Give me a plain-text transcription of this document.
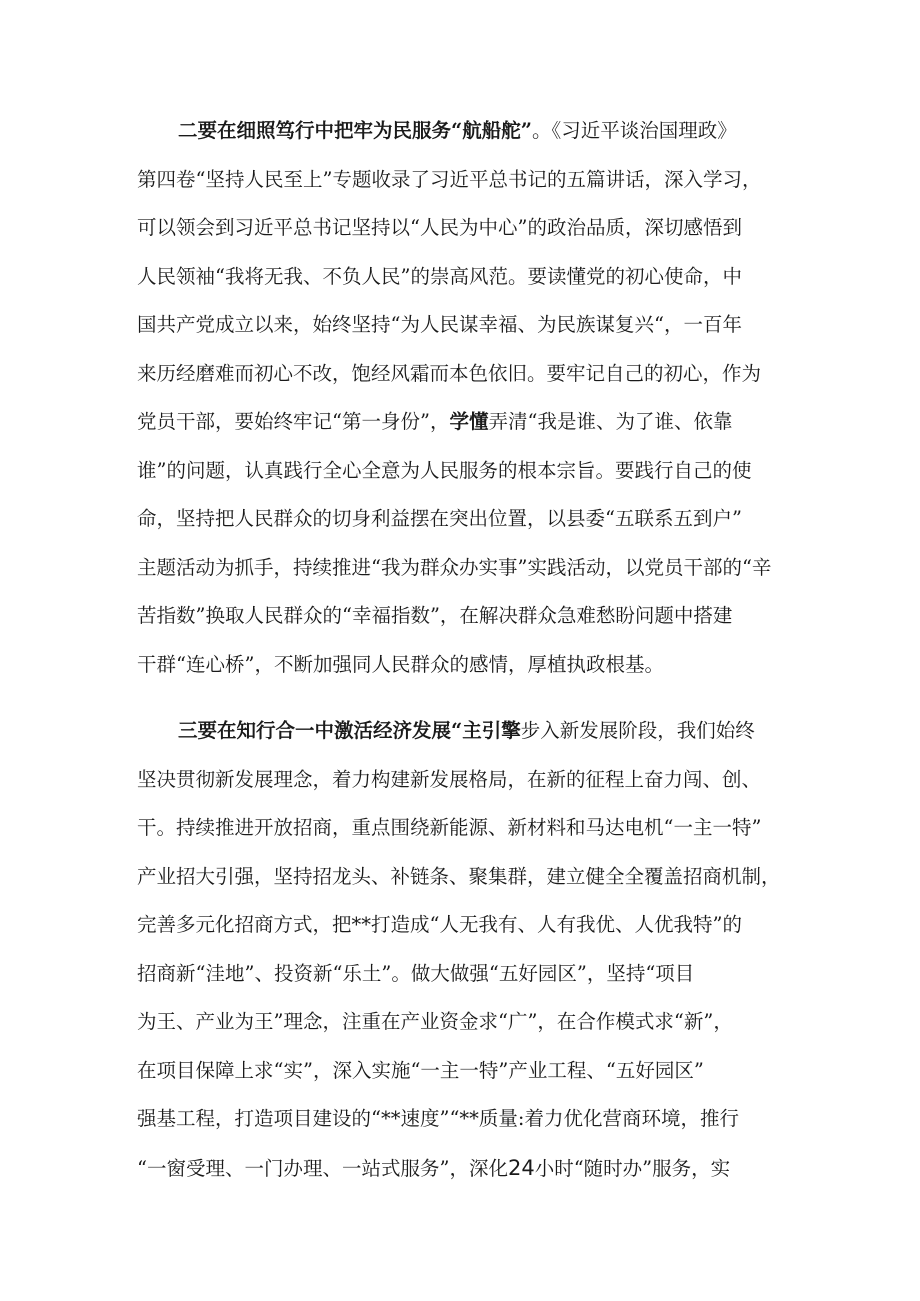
二要在细照笃行中把牢为民服务“航船舵”。《习近平谈治国理政》
第四卷“坚持人民至上”专题收录了习近平总书记的五篇讲话，深入学习，
可以领会到习近平总书记坚持以“人民为中心”的政治品质，深切感悟到
人民领袖“我将无我、不负人民”的崇高风范。要读懂党的初心使命，中
国共产党成立以来，始终坚持“为人民谋幸福、为民族谋复兴“，一百年
来历经磨难而初心不改，饱经风霜而本色依旧。要牢记自己的初心，作为
党员干部，要始终牢记“第一身份”，学懂弄清“我是谁、为了谁、依靠
谁”的问题，认真践行全心全意为人民服务的根本宗旨。要践行自己的使
命，坚持把人民群众的切身利益摆在突出位置，以县委“五联系五到户”
主题活动为抓手，持续推进“我为群众办实事”实践活动，以党员干部的“辛
苦指数”换取人民群众的“幸福指数”，在解决群众急难愁盼问题中搭建
干群“连心桥”，不断加强同人民群众的感情，厚植执政根基。
三要在知行合一中激活经济发展“主引擎步入新发展阶段，我们始终
坚决贯彻新发展理念，着力构建新发展格局，在新的征程上奋力闯、创、
干。持续推进开放招商，重点围绕新能源、新材料和马达电机“一主一特”
产业招大引强，坚持招龙头、补链条、聚集群，建立健全全覆盖招商机制，
完善多元化招商方式，把**打造成“人无我有、人有我优、人优我特”的
招商新“洼地”、投资新“乐土”。做大做强“五好园区”，坚持“项目
为王、产业为王”理念，注重在产业资金求“广”，在合作模式求“新”，
在项目保障上求“实”，深入实施“一主一特”产业工程、“五好园区”
强基工程，打造项目建设的“**速度”“**质量:着力优化营商环境，推行
“一窗受理、一门办理、一站式服务”，深化24小时“随时办”服务，实
